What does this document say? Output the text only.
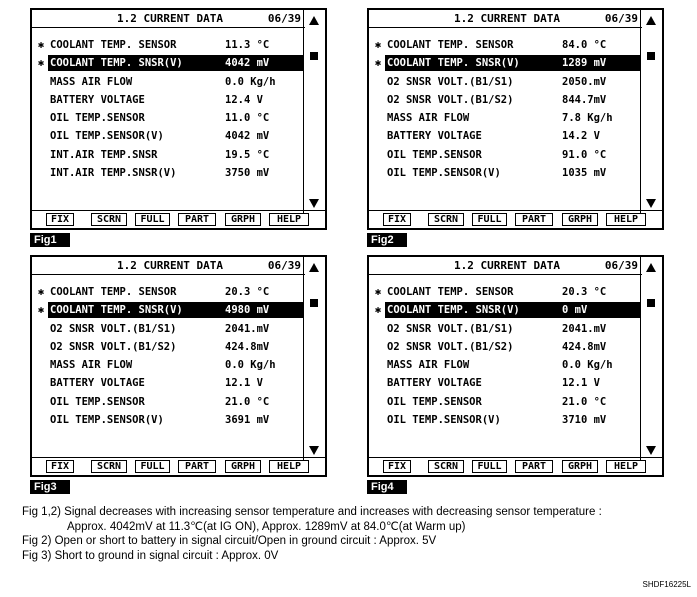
1.2 CURRENT DATA	06/39
✱ COOLANT TEMP. SENSOR	11.3 °C
✱ COOLANT TEMP. SNSR(V)	4042 mV
MASS AIR FLOW	0.0 Kg/h
BATTERY VOLTAGE	12.4 V
OIL TEMP.SENSOR	11.0 °C
OIL TEMP.SENSOR(V)	4042 mV
INT.AIR TEMP.SNSR	19.5 °C
INT.AIR TEMP.SNSR(V)	3750 mV
FIX	SCRN	FULL	PART	GRPH	HELP
Fig1
1.2 CURRENT DATA	06/39
✱ COOLANT TEMP. SENSOR	84.0 °C
✱ COOLANT TEMP. SNSR(V)	1289 mV
O2 SNSR VOLT.(B1/S1)	2050.mV
O2 SNSR VOLT.(B1/S2)	844.7mV
MASS AIR FLOW	7.8 Kg/h
BATTERY VOLTAGE	14.2 V
OIL TEMP.SENSOR	91.0 °C
OIL TEMP.SENSOR(V)	1035 mV
FIX	SCRN	FULL	PART	GRPH	HELP
Fig2
1.2 CURRENT DATA	06/39
✱ COOLANT TEMP. SENSOR	20.3 °C
✱ COOLANT TEMP. SNSR(V)	4980 mV
O2 SNSR VOLT.(B1/S1)	2041.mV
O2 SNSR VOLT.(B1/S2)	424.8mV
MASS AIR FLOW	0.0 Kg/h
BATTERY VOLTAGE	12.1 V
OIL TEMP.SENSOR	21.0 °C
OIL TEMP.SENSOR(V)	3691 mV
FIX	SCRN	FULL	PART	GRPH	HELP
Fig3
1.2 CURRENT DATA	06/39
✱ COOLANT TEMP. SENSOR	20.3 °C
✱ COOLANT TEMP. SNSR(V)	0 mV
O2 SNSR VOLT.(B1/S1)	2041.mV
O2 SNSR VOLT.(B1/S2)	424.8mV
MASS AIR FLOW	0.0 Kg/h
BATTERY VOLTAGE	12.1 V
OIL TEMP.SENSOR	21.0 °C
OIL TEMP.SENSOR(V)	3710 mV
FIX	SCRN	FULL	PART	GRPH	HELP
Fig4

Fig 1,2) Signal decreases with increasing sensor temperature and increases with decreasing sensor temperature :

Approx. 4042mV at 11.3℃(at IG ON), Approx. 1289mV at 84.0℃(at Warm up)

Fig 2) Open or short to battery in signal circuit/Open in ground circuit : Approx. 5V

Fig 3) Short to ground in signal circuit : Approx. 0V

SHDF16225L
